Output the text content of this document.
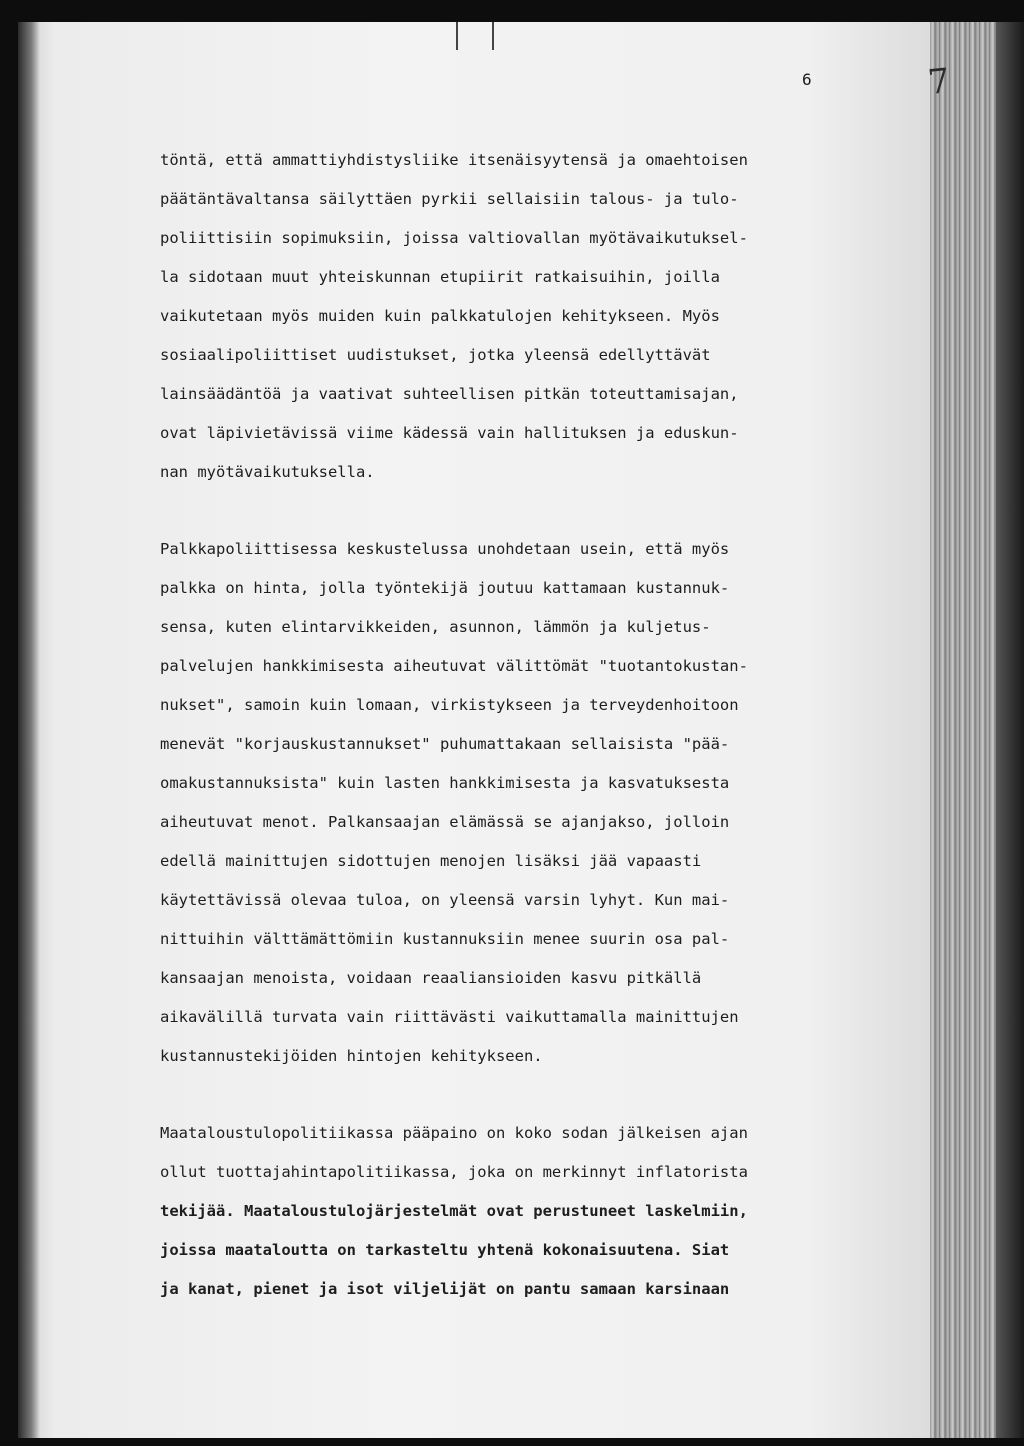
6	7
töntä, että ammattiyhdistysliike itsenäisyytensä ja omaehtoisen
päätäntävaltansa säilyttäen pyrkii sellaisiin talous- ja tulo-
poliittisiin sopimuksiin, joissa valtiovallan myötävaikutuksel-
la sidotaan muut yhteiskunnan etupiirit ratkaisuihin, joilla
vaikutetaan myös muiden kuin palkkatulojen kehitykseen. Myös
sosiaalipoliittiset uudistukset, jotka yleensä edellyttävät
lainsäädäntöä ja vaativat suhteellisen pitkän toteuttamisajan,
ovat läpivietävissä viime kädessä vain hallituksen ja eduskun-
nan myötävaikutuksella.
Palkkapoliittisessa keskustelussa unohdetaan usein, että myös
palkka on hinta, jolla työntekijä joutuu kattamaan kustannuk-
sensa, kuten elintarvikkeiden, asunnon, lämmön ja kuljetus-
palvelujen hankkimisesta aiheutuvat välittömät "tuotantokustan-
nukset", samoin kuin lomaan, virkistykseen ja terveydenhoitoon
menevät "korjauskustannukset" puhumattakaan sellaisista "pää-
omakustannuksista" kuin lasten hankkimisesta ja kasvatuksesta
aiheutuvat menot. Palkansaajan elämässä se ajanjakso, jolloin
edellä mainittujen sidottujen menojen lisäksi jää vapaasti
käytettävissä olevaa tuloa, on yleensä varsin lyhyt. Kun mai-
nittuihin välttämättömiin kustannuksiin menee suurin osa pal-
kansaajan menoista, voidaan reaaliansioiden kasvu pitkällä
aikavälillä turvata vain riittävästi vaikuttamalla mainittujen
kustannustekijöiden hintojen kehitykseen.
Maataloustulopolitiikassa pääpaino on koko sodan jälkeisen ajan
ollut tuottajahintapolitiikassa, joka on merkinnyt inflatorista
tekijää. Maataloustulojärjestelmät ovat perustuneet laskelmiin,
joissa maataloutta on tarkasteltu yhtenä kokonaisuutena. Siat
ja kanat, pienet ja isot viljelijät on pantu samaan karsinaan
